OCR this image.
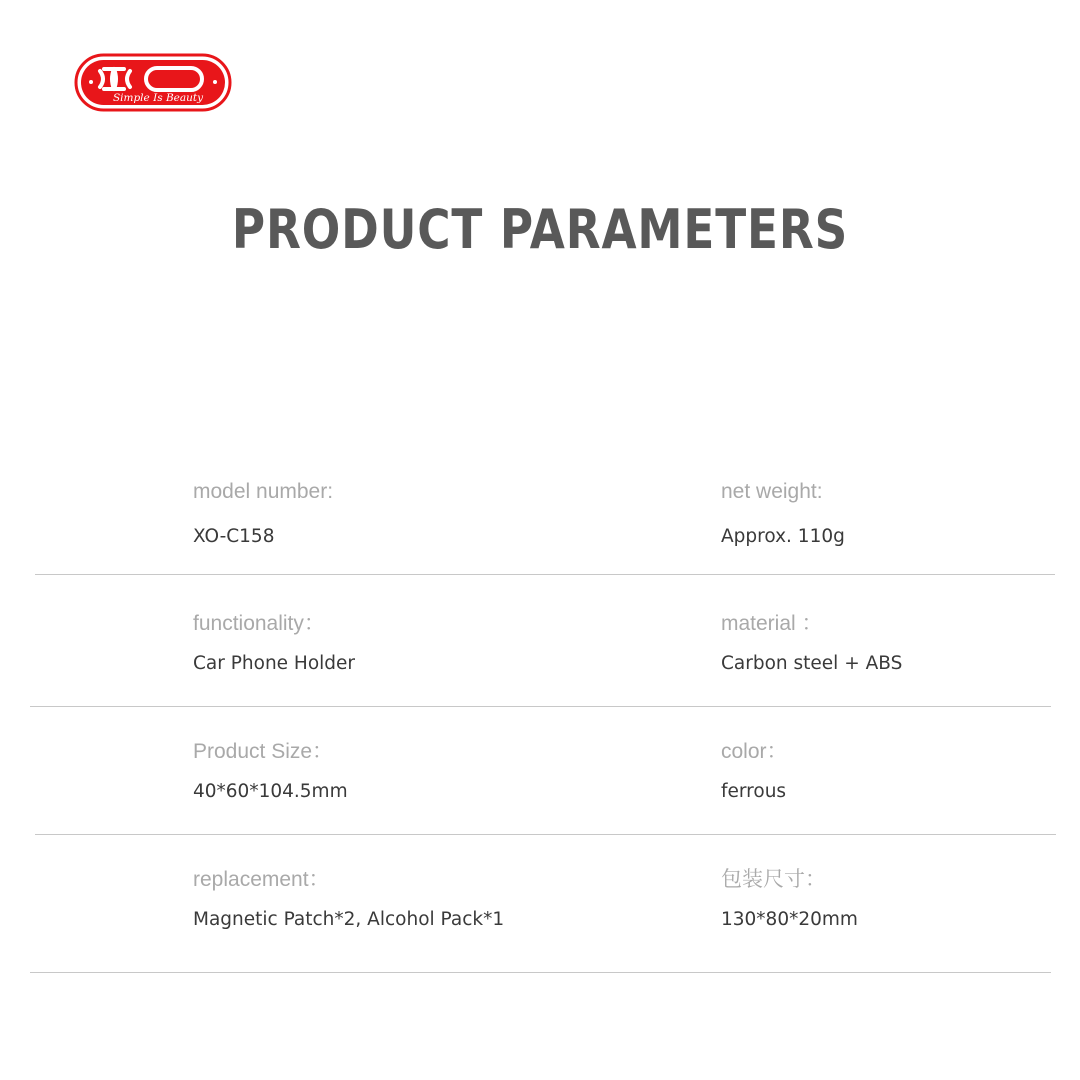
Simple Is Beauty
PRODUCT PARAMETERS
model number:
XO-C158
net weight:
Approx. 110g
functionality：
Car Phone Holder
material ：
Carbon steel + ABS
Product Size：
40*60*104.5mm
color：
ferrous
replacement：
Magnetic Patch*2, Alcohol Pack*1
包装尺寸：
130*80*20mm
